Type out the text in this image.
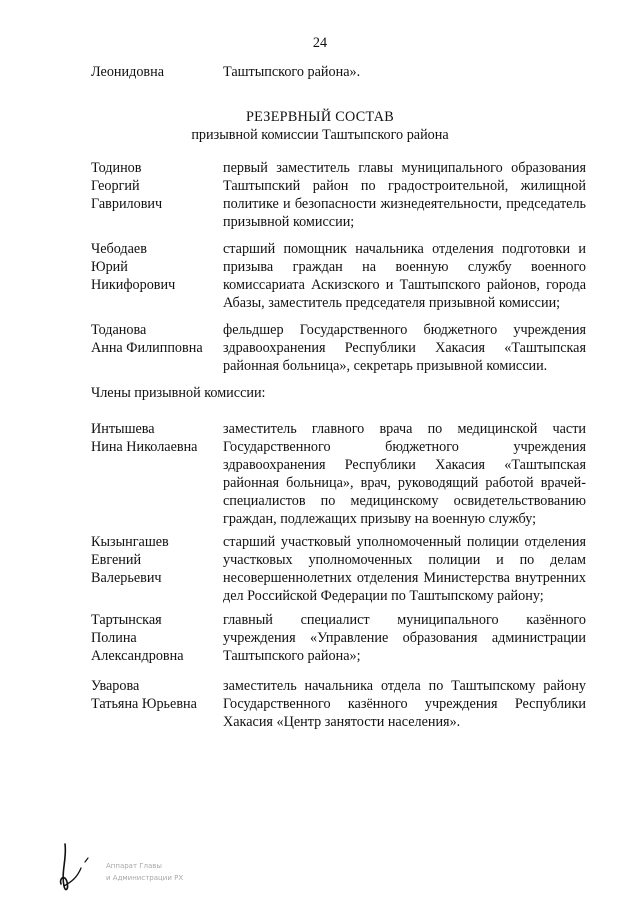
24
Леонидовна	Таштыпского района».
РЕЗЕРВНЫЙ СОСТАВ
призывной комиссии Таштыпского района
Тодинов
Георгий
Гаврилович
первый заместитель главы муниципального образования Таштыпский район по градостроительной, жилищной политике и безопасности жизнедеятельности, председатель призывной комиссии;
Чебодаев
Юрий
Никифорович
старший помощник начальника отделения подготовки и призыва граждан на военную службу военного комиссариата Аскизского и Таштыпского районов, города Абазы, заместитель председателя призывной комиссии;
Тоданова
Анна Филипповна
фельдшер Государственного бюджетного учреждения здравоохранения Республики Хакасия «Таштыпская районная больница», секретарь призывной комиссии.
Члены призывной комиссии:
Интышева
Нина Николаевна
заместитель главного врача по медицинской части Государственного бюджетного учреждения здравоохранения Республики Хакасия «Таштыпская районная больница», врач, руководящий работой врачей-специалистов по медицинскому освидетельствованию граждан, подлежащих призыву на военную службу;
Кызынгашев
Евгений
Валерьевич
старший участковый уполномоченный полиции отделения участковых уполномоченных полиции и по делам несовершеннолетних отделения Министерства внутренних дел Российской Федерации по Таштыпскому району;
Тартынская
Полина
Александровна
главный специалист муниципального казённого учреждения «Управление образования администрации Таштыпского района»;
Уварова
Татьяна Юрьевна
заместитель начальника отдела по Таштыпскому району Государственного казённого учреждения Республики Хакасия «Центр занятости населения».
Аппарат Главы
и Администрации РХ
